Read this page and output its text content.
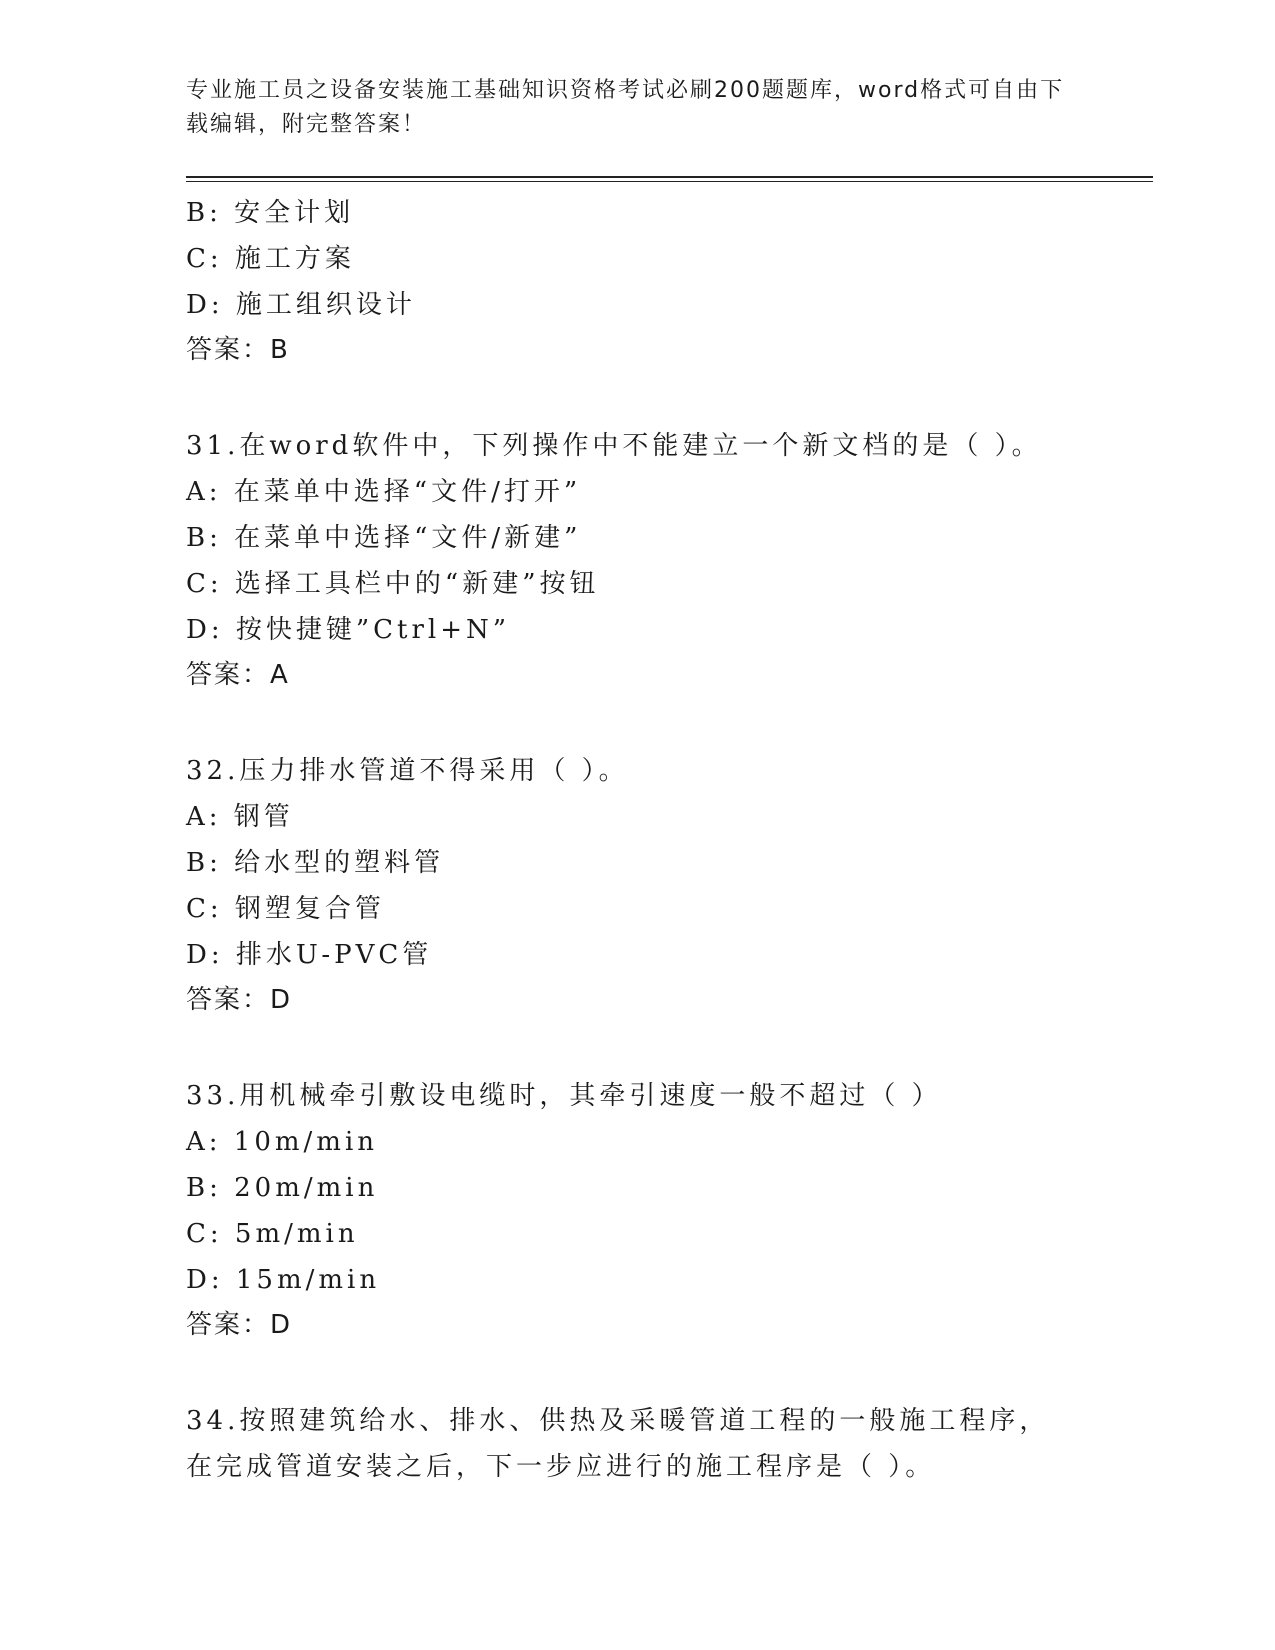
专业施工员之设备安装施工基础知识资格考试必刷200题题库，word格式可自由下载编辑，附完整答案！
B: 安全计划
C: 施工方案
D: 施工组织设计
答案：B
31.在word软件中，下列操作中不能建立一个新文档的是（ ）。
A: 在菜单中选择“文件/打开”
B: 在菜单中选择“文件/新建”
C: 选择工具栏中的“新建”按钮
D: 按快捷键”Ctrl+N”
答案：A
32.压力排水管道不得采用（ ）。
A: 钢管
B: 给水型的塑料管
C: 钢塑复合管
D: 排水U-PVC管
答案：D
33.用机械牵引敷设电缆时，其牵引速度一般不超过（ ）
A: 10m/min
B: 20m/min
C: 5m/min
D: 15m/min
答案：D
34.按照建筑给水、排水、供热及采暖管道工程的一般施工程序，在完成管道安装之后，下一步应进行的施工程序是（ ）。
